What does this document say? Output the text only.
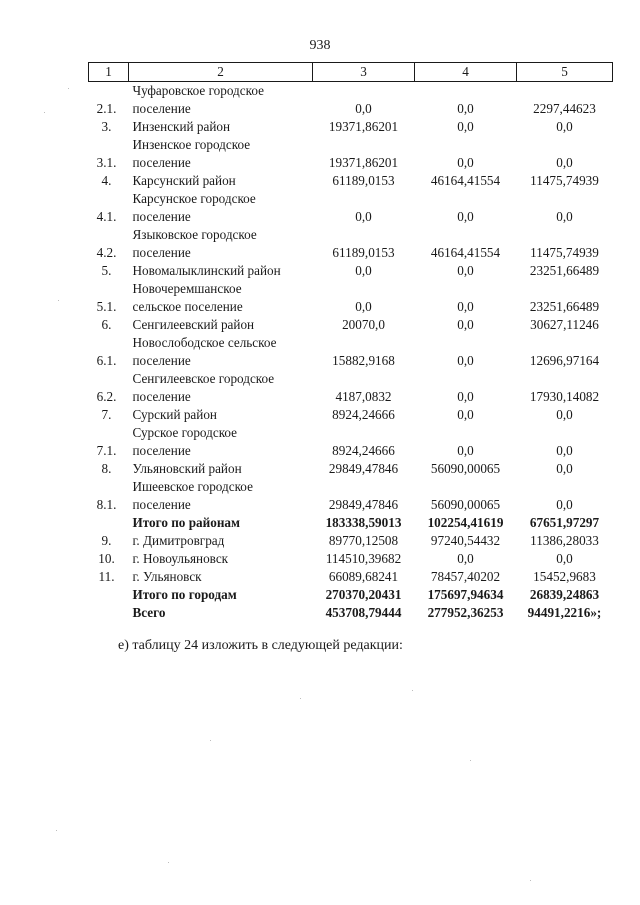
938
1	2	3	4	5
2.1.	Чуфаровское городское
поселение	0,0	0,0	2297,44623
3.	Инзенский район	19371,86201	0,0	0,0
3.1.	Инзенское городское
поселение	19371,86201	0,0	0,0
4.	Карсунский район	61189,0153	46164,41554	11475,74939
4.1.	Карсунское городское
поселение	0,0	0,0	0,0
4.2.	Языковское городское
поселение	61189,0153	46164,41554	11475,74939
5.	Новомалыклинский район	0,0	0,0	23251,66489
5.1.	Новочеремшанское
сельское поселение	0,0	0,0	23251,66489
6.	Сенгилеевский район	20070,0	0,0	30627,11246
6.1.	Новослободское сельское
поселение	15882,9168	0,0	12696,97164
6.2.	Сенгилеевское городское
поселение	4187,0832	0,0	17930,14082
7.	Сурский район	8924,24666	0,0	0,0
7.1.	Сурское городское
поселение	8924,24666	0,0	0,0
8.	Ульяновский район	29849,47846	56090,00065	0,0
8.1.	Ишеевское городское
поселение	29849,47846	56090,00065	0,0

	Итого по районам	183338,59013	102254,41619	67651,97297
9.	г. Димитровград	89770,12508	97240,54432	11386,28033
10.	г. Новоульяновск	114510,39682	0,0	0,0
11.	г. Ульяновск	66089,68241	78457,40202	15452,9683

	Итого по городам	270370,20431	175697,94634	26839,24863

	Всего	453708,79444	277952,36253	94491,2216»;
е) таблицу 24 изложить в следующей редакции:
